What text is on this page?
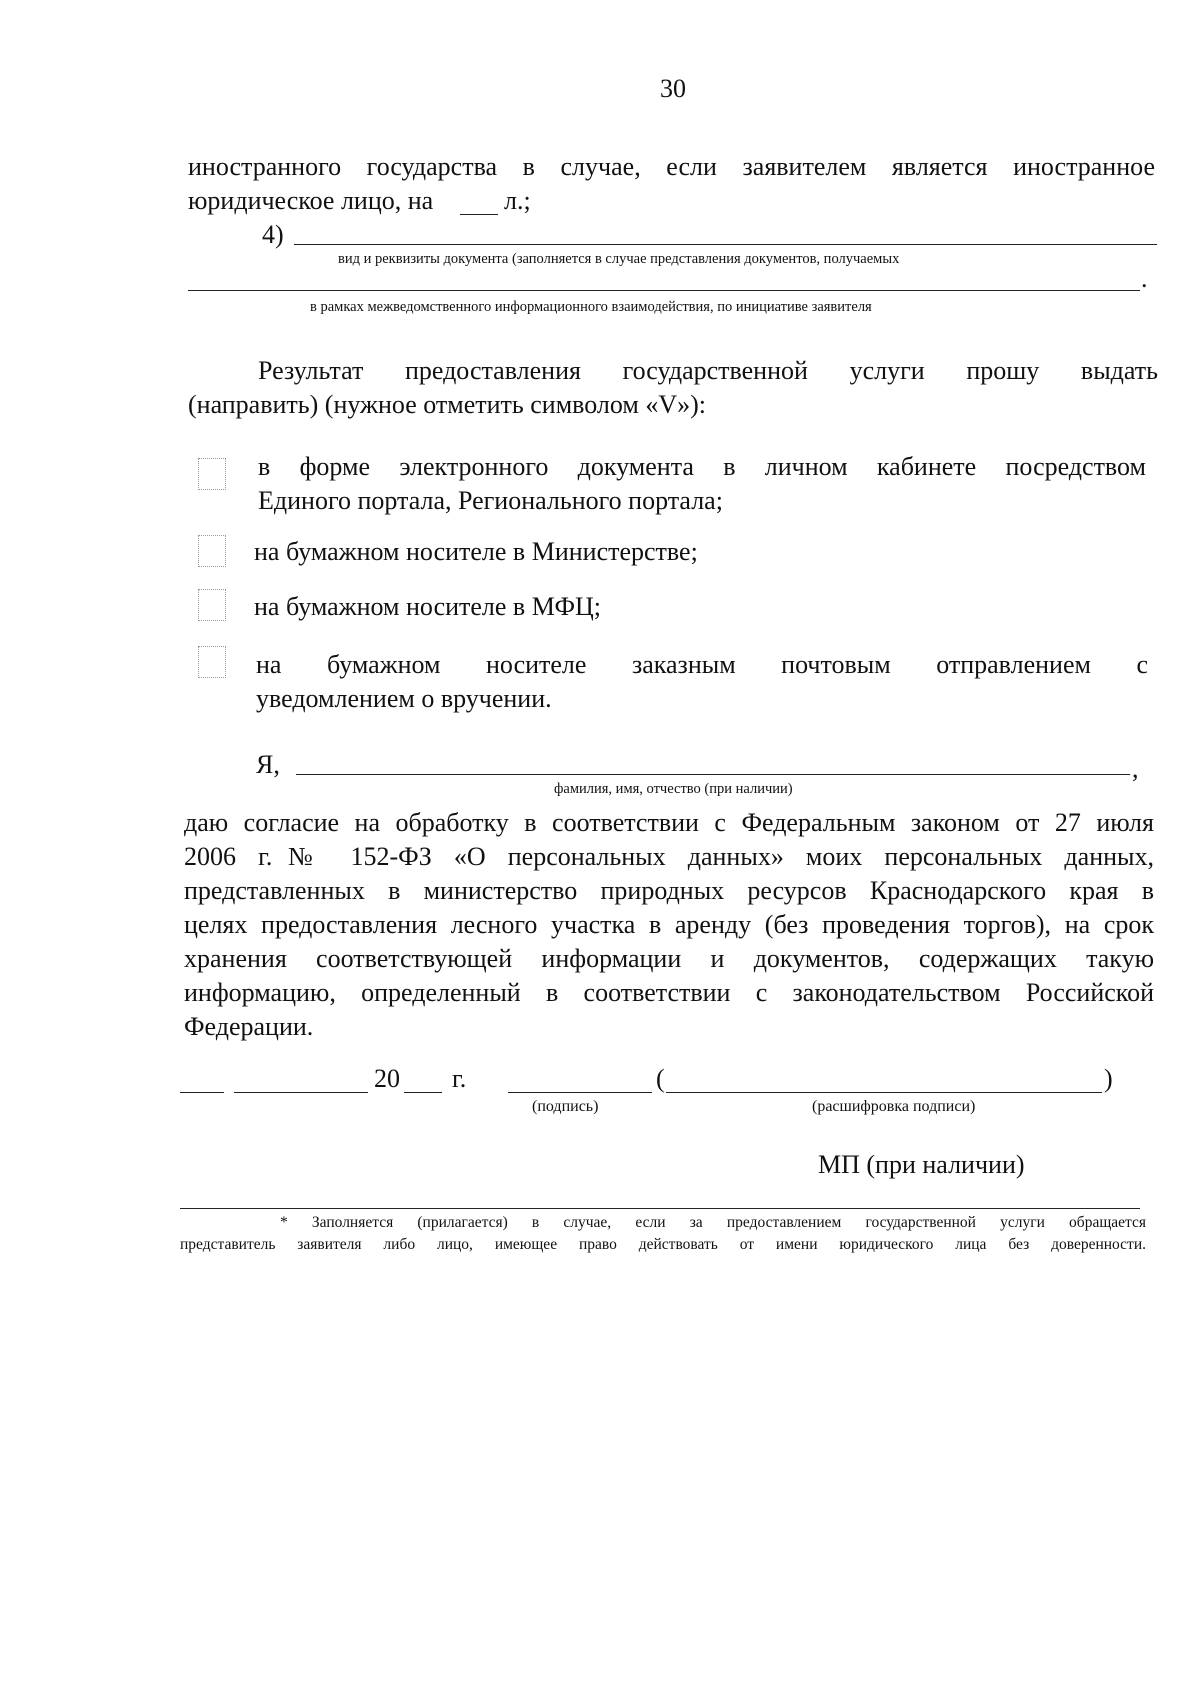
30
иностранного государства в случае, если заявителем является иностранное
юридическое лицо, на	л.;
4)
вид и реквизиты документа (заполняется в случае представления документов, получаемых
.
в рамках межведомственного информационного взаимодействия, по инициативе заявителя
Результат предоставления государственной услуги прошу выдать
(направить) (нужное отметить символом «V»):
в форме электронного документа в личном кабинете посредством
Единого портала, Регионального портала;
на бумажном носителе в Министерстве;
на бумажном носителе в МФЦ;
на бумажном носителе заказным почтовым отправлением с
уведомлением о вручении.
Я,	,
фамилия, имя, отчество (при наличии)
даю согласие на обработку в соответствии с Федеральным законом от 27 июля
2006 г.№ 152-ФЗ «О персональных данных» моих персональных данных,
представленных в министерство природных ресурсов Краснодарского края в
целях предоставления лесного участка в аренду (без проведения торгов), на срок
хранения соответствующей информации и документов, содержащих такую
информацию, определенный в соответствии с законодательством Российской
Федерации.
20 г.	(	)
(подпись)	(расшифровка подписи)
МП (при наличии)
* Заполняется (прилагается) в случае, если за предоставлением государственной услуги обращается
представитель заявителя либо лицо, имеющее право действовать от имени юридического лица без доверенности.
